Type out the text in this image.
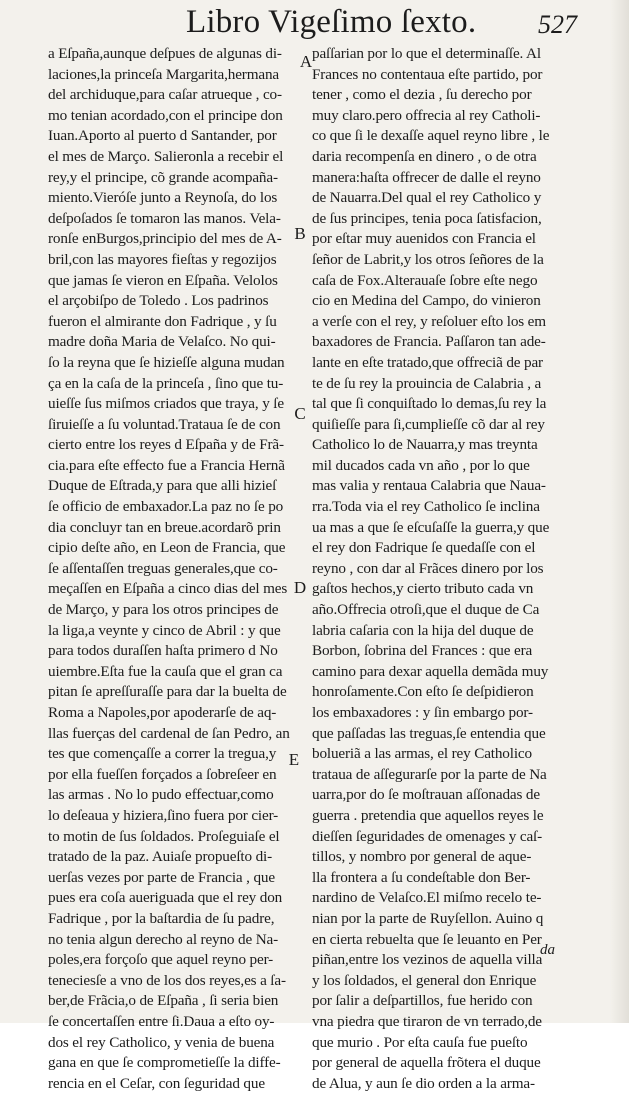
Libro Vigeſimo ſexto. 527
a Eſpaña,aunque deſpues de algunas di-
laciones,la princeſa Margarita,hermana
del archiduque,para caſar atrueque , co-
mo tenian acordado,con el principe don
Iuan.Aporto al puerto d Santander, por
el mes de Março. Salieronla a recebir el
rey,y el principe, cõ grande acompaña-
miento.Vieróſe junto a Reynoſa, do los
deſpoſados ſe tomaron las manos. Vela-
ronſe enBurgos,principio del mes de A-
bril,con las mayores fieſtas y regozijos
que jamas ſe vieron en Eſpaña. Velolos
el arçobiſpo de Toledo . Los padrinos
fueron el almirante don Fadrique , y ſu
madre doña Maria de Velaſco. No qui-
ſo la reyna que ſe hizieſſe alguna mudan
ça en la caſa de la princeſa , ſino que tu-
uieſſe ſus miſmos criados que traya, y ſe
ſiruieſſe a ſu voluntad.Trataua ſe de con
cierto entre los reyes d Eſpaña y de Frã-
cia.para eſte effecto fue a Francia Hernã
Duque de Eſtrada,y para que alli hizieſ
ſe officio de embaxador.La paz no ſe po
dia concluyr tan en breue.acordarõ prin
cipio deſte año, en Leon de Francia, que
ſe aſſentaſſen treguas generales,que co-
meçaſſen en Eſpaña a cinco dias del mes
de Março, y para los otros principes de
la liga,a veynte y cinco de Abril : y que
para todos duraſſen haſta primero d No
uiembre.Eſta fue la cauſa que el gran ca
pitan ſe apreſſuraſſe para dar la buelta de
Roma a Napoles,por apoderarſe de aq-
llas fuerças del cardenal de ſan Pedro, an
tes que començaſſe a correr la tregua,y
por ella fueſſen forçados a ſobreſeer en
las armas . No lo pudo effectuar,como
lo deſeaua y hiziera,ſino fuera por cier-
to motin de ſus ſoldados. Proſeguiaſe el
tratado de la paz. Auiaſe propueſto di-
uerſas vezes por parte de Francia , que
pues era coſa aueriguada que el rey don
Fadrique , por la baſtardia de ſu padre,
no tenia algun derecho al reyno de Na-
poles,era forçoſo que aquel reyno per-
teneciesſe a vno de los dos reyes,es a ſa-
ber,de Frãcia,o de Eſpaña , ſi seria bien
ſe concertaſſen entre ſi.Daua a eſto oy-
dos el rey Catholico, y venia de buena
gana en que ſe comprometieſſe la diffe-
rencia en el Ceſar, con ſeguridad que
A
B
C
D
E
paſſarian por lo que el determinaſſe. Al
Frances no contentaua eſte partido, por
tener , como el dezia , ſu derecho por
muy claro.pero offrecia al rey Catholi-
co que ſi le dexaſſe aquel reyno libre , le
daria recompenſa en dinero , o de otra
manera:haſta offrecer de dalle el reyno
de Nauarra.Del qual el rey Catholico y
de ſus principes, tenia poca ſatisfacion,
por eſtar muy auenidos con Francia el
ſeñor de Labrit,y los otros ſeñores de la
caſa de Fox.Alterauaſe ſobre eſte nego
cio en Medina del Campo, do vinieron
a verſe con el rey, y reſoluer eſto los em
baxadores de Francia. Paſſaron tan ade-
lante en eſte tratado,que offreciã de par
te de ſu rey la prouincia de Calabria , a
tal que ſi conquiſtado lo demas,ſu rey la
quiſieſſe para ſi,cumplieſſe cõ dar al rey
Catholico lo de Nauarra,y mas treynta
mil ducados cada vn año , por lo que
mas valia y rentaua Calabria que Naua-
rra.Toda via el rey Catholico ſe inclina
ua mas a que ſe eſcuſaſſe la guerra,y que
el rey don Fadrique ſe quedaſſe con el
reyno , con dar al Frãces dinero por los
gaſtos hechos,y cierto tributo cada vn
año.Offrecia otroſi,que el duque de Ca
labria caſaria con la hija del duque de
Borbon, ſobrina del Frances : que era
camino para dexar aquella demãda muy
honroſamente.Con eſto ſe deſpidieron
los embaxadores : y ſin embargo por-
que paſſadas las treguas,ſe entendia que
bolueriã a las armas, el rey Catholico
trataua de aſſegurarſe por la parte de Na
uarra,por do ſe moſtrauan aſſonadas de
guerra . pretendia que aquellos reyes le
dieſſen ſeguridades de omenages y caſ-
tillos, y nombro por general de aque-
lla frontera a ſu condeſtable don Ber-
nardino de Velaſco.El miſmo recelo te-
nian por la parte de Ruyſellon. Auino q
en cierta rebuelta que ſe leuanto en Per
piñan,entre los vezinos de aquella villa
y los ſoldados, el general don Enrique
por ſalir a deſpartillos, fue herido con
vna piedra que tiraron de vn terrado,de
que murio . Por eſta cauſa fue pueſto
por general de aquella frõtera el duque
de Alua, y aun ſe dio orden a la arma-
da
